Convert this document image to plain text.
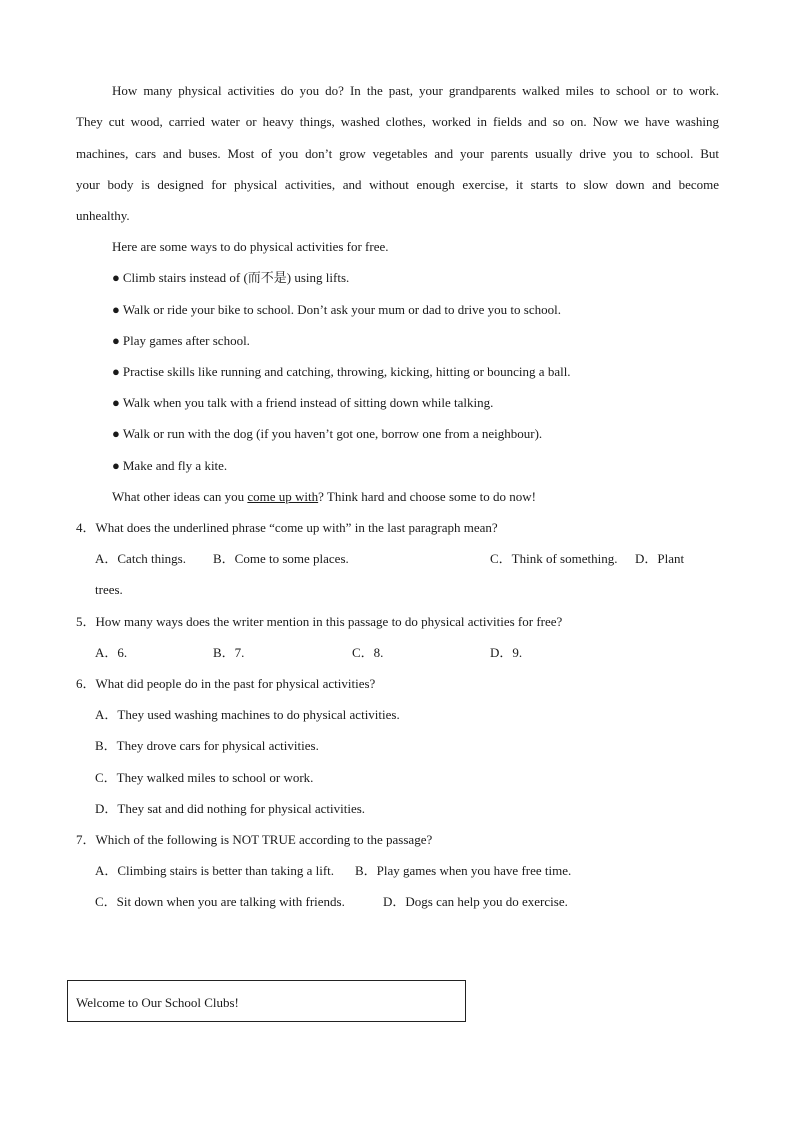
How many physical activities do you do? In the past, your grandparents walked miles to school or to work.
They cut wood, carried water or heavy things, washed clothes, worked in fields and so on. Now we have washing
machines, cars and buses. Most of you don’t grow vegetables and your parents usually drive you to school. But
your body is designed for physical activities, and without enough exercise, it starts to slow down and become
unhealthy.
Here are some ways to do physical activities for free.
● Climb stairs instead of (而不是) using lifts.
● Walk or ride your bike to school. Don’t ask your mum or dad to drive you to school.
● Play games after school.
● Practise skills like running and catching, throwing, kicking, hitting or bouncing a ball.
● Walk when you talk with a friend instead of sitting down while talking.
● Walk or run with the dog (if you haven’t got one, borrow one from a neighbour).
● Make and fly a kite.
What other ideas can you come up with? Think hard and choose some to do now!
4．What does the underlined phrase “come up with” in the last paragraph mean?
A．Catch things. B．Come to some places.	C．Think of something. D．Plant
trees.
5．How many ways does the writer mention in this passage to do physical activities for free?
A．6.	B．7.	C．8.	D．9.
6．What did people do in the past for physical activities?
A．They used washing machines to do physical activities.
B．They drove cars for physical activities.
C．They walked miles to school or work.
D．They sat and did nothing for physical activities.
7．Which of the following is NOT TRUE according to the passage?
A．Climbing stairs is better than taking a lift. B．Play games when you have free time.
C．Sit down when you are talking with friends.	D．Dogs can help you do exercise.
Welcome to Our School Clubs!
